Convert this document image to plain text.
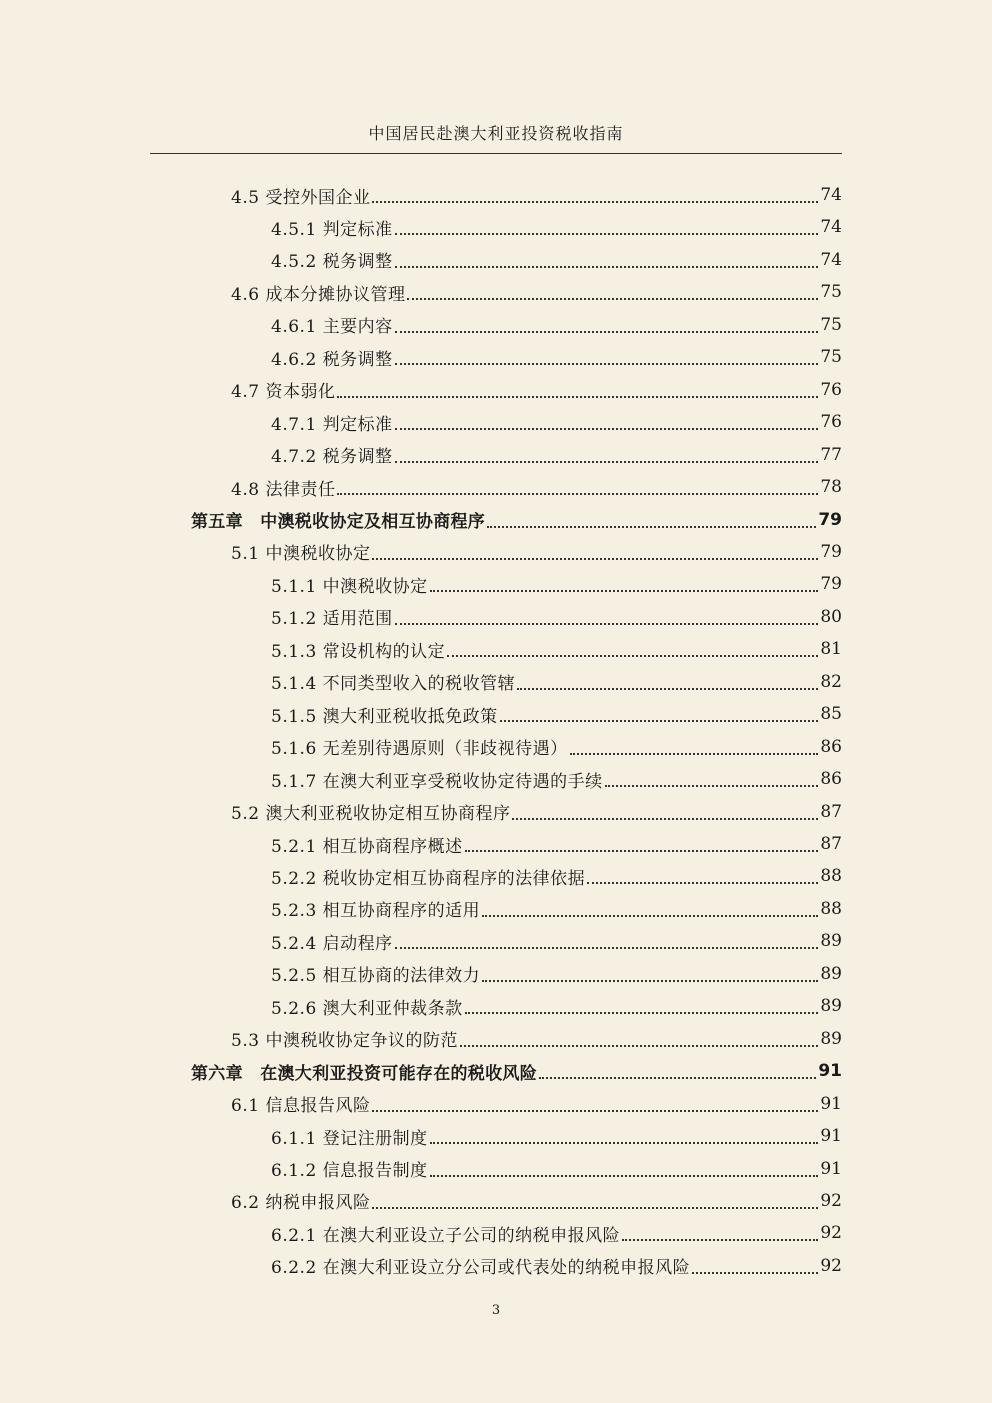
中国居民赴澳大利亚投资税收指南
4.5 受控外国企业	74
4.5.1 判定标准	74
4.5.2 税务调整	74
4.6 成本分摊协议管理	75
4.6.1 主要内容	75
4.6.2 税务调整	75
4.7 资本弱化	76
4.7.1 判定标准	76
4.7.2 税务调整	77
4.8 法律责任	78
第五章　中澳税收协定及相互协商程序	79
5.1 中澳税收协定	79
5.1.1 中澳税收协定	79
5.1.2 适用范围	80
5.1.3 常设机构的认定	81
5.1.4 不同类型收入的税收管辖	82
5.1.5 澳大利亚税收抵免政策	85
5.1.6 无差别待遇原则（非歧视待遇）	86
5.1.7 在澳大利亚享受税收协定待遇的手续	86
5.2 澳大利亚税收协定相互协商程序	87
5.2.1 相互协商程序概述	87
5.2.2 税收协定相互协商程序的法律依据	88
5.2.3 相互协商程序的适用	88
5.2.4 启动程序	89
5.2.5 相互协商的法律效力	89
5.2.6 澳大利亚仲裁条款	89
5.3 中澳税收协定争议的防范	89
第六章　在澳大利亚投资可能存在的税收风险	91
6.1 信息报告风险	91
6.1.1 登记注册制度	91
6.1.2 信息报告制度	91
6.2 纳税申报风险	92
6.2.1 在澳大利亚设立子公司的纳税申报风险	92
6.2.2 在澳大利亚设立分公司或代表处的纳税申报风险	92
3
